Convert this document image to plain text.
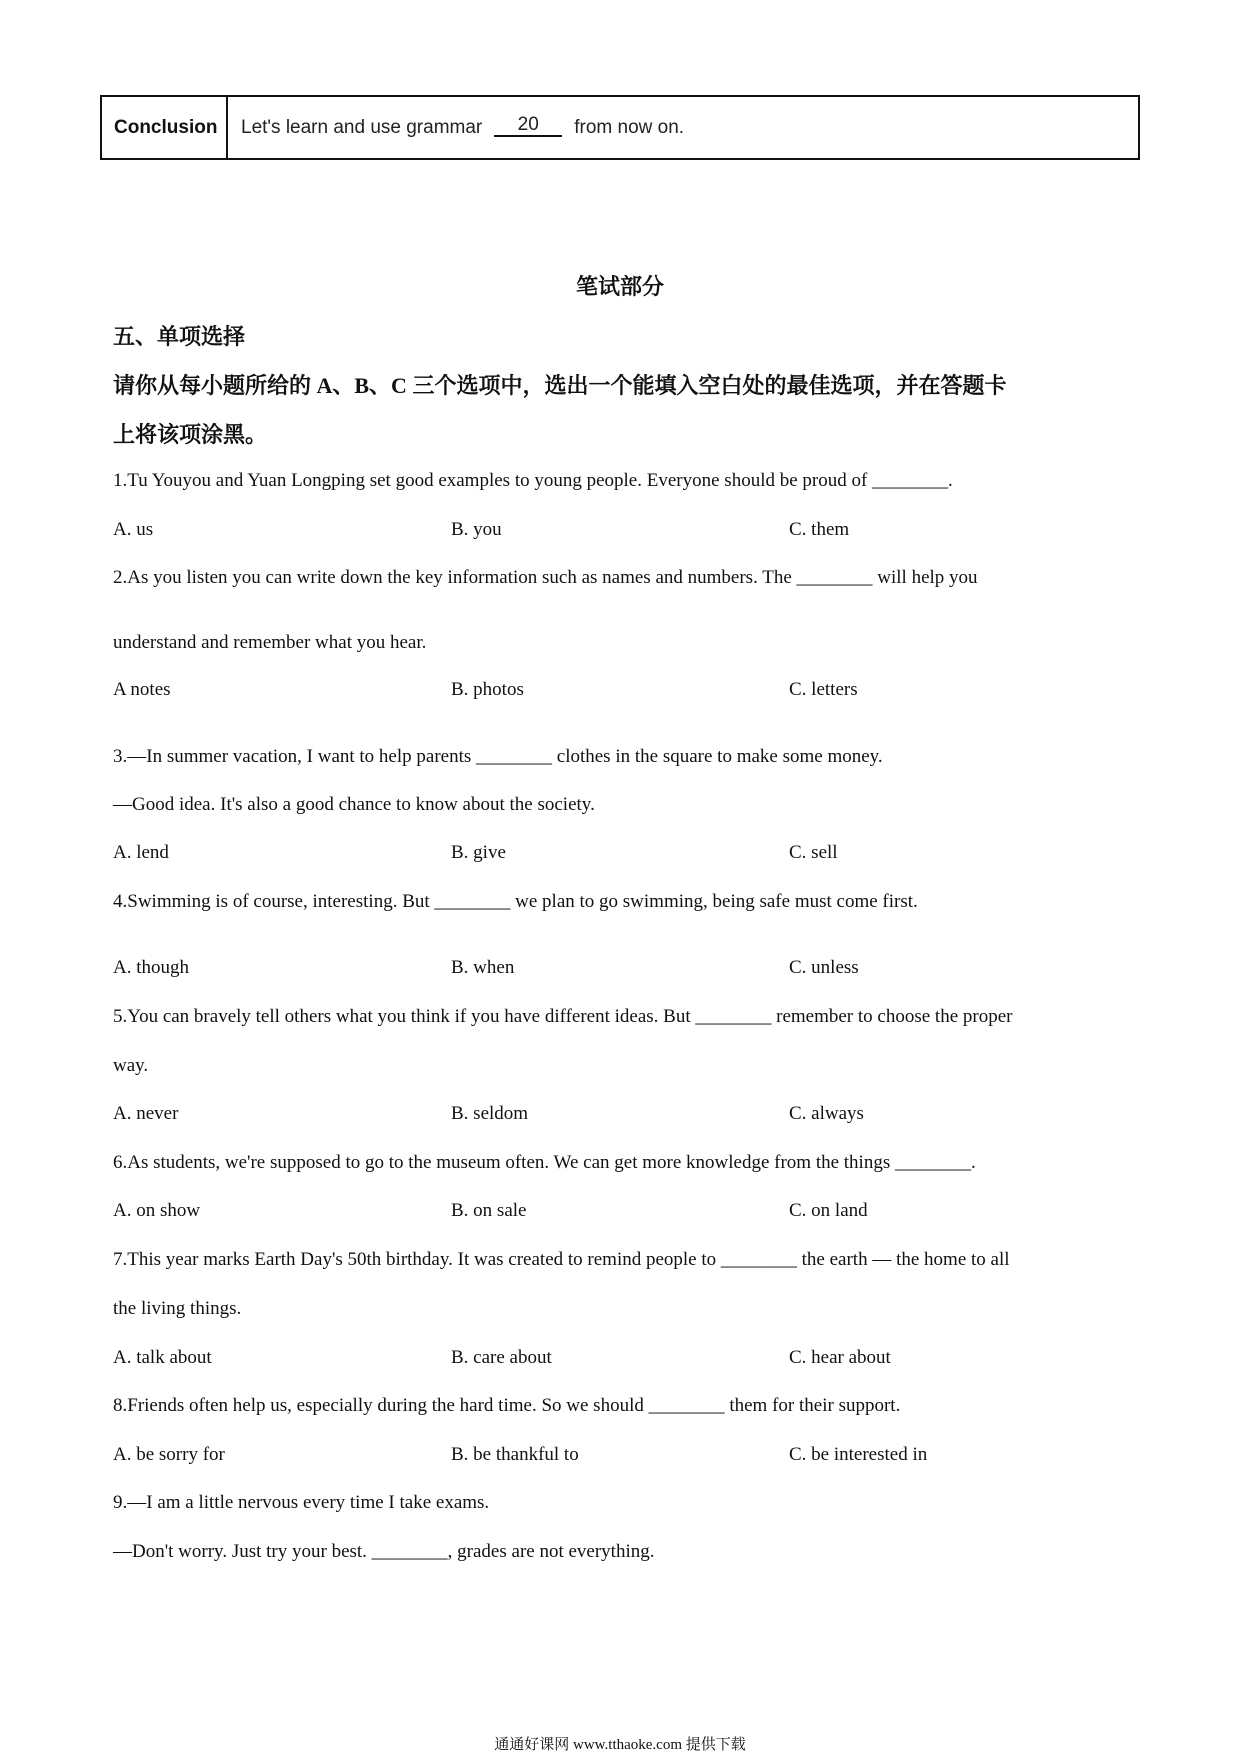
Conclusion	Let's learn and use grammar	20	from now on.
笔试部分
五、单项选择
请你从每小题所给的 A、B、C 三个选项中，选出一个能填入空白处的最佳选项，并在答题卡
上将该项涂黑。
1.Tu Youyou and Yuan Longping set good examples to young people. Everyone should be proud of ________.
A. us	B. you	C. them
2.As you listen you can write down the key information such as names and numbers. The ________ will help you
understand and remember what you hear.
A notes	B. photos	C. letters
3.—In summer vacation, I want to help parents ________ clothes in the square to make some money.
—Good idea. It's also a good chance to know about the society.
A. lend	B. give	C. sell
4.Swimming is of course, interesting. But ________ we plan to go swimming, being safe must come first.
A. though	B. when	C. unless
5.You can bravely tell others what you think if you have different ideas. But ________ remember to choose the proper
way.
A. never	B. seldom	C. always
6.As students, we're supposed to go to the museum often. We can get more knowledge from the things ________.
A. on show	B. on sale	C. on land
7.This year marks Earth Day's 50th birthday. It was created to remind people to ________ the earth — the home to all
the living things.
A. talk about	B. care about	C. hear about
8.Friends often help us, especially during the hard time. So we should ________ them for their support.
A. be sorry for	B. be thankful to	C. be interested in
9.—I am a little nervous every time I take exams.
—Don't worry. Just try your best. ________, grades are not everything.
通通好课网 www.tthaoke.com 提供下载
